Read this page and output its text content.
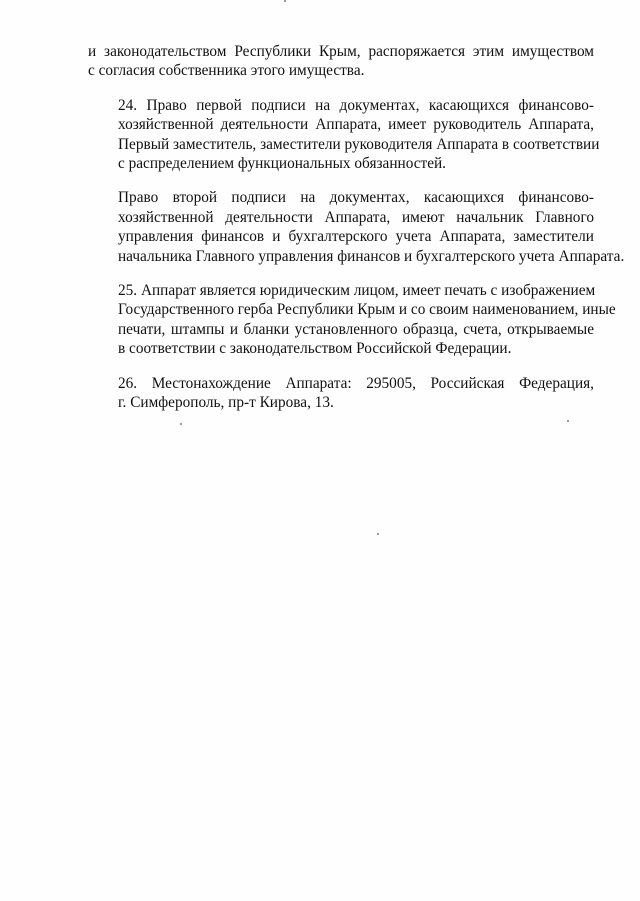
и законодательством Республики Крым, распоряжается этим имуществом
с согласия собственника этого имущества.
24. Право первой подписи на документах, касающихся финансово-
хозяйственной деятельности Аппарата, имеет руководитель Аппарата,
Первый заместитель, заместители руководителя Аппарата в соответствии
с распределением функциональных обязанностей.
Право второй подписи на документах, касающихся финансово-
хозяйственной деятельности Аппарата, имеют начальник Главного
управления финансов и бухгалтерского учета Аппарата, заместители
начальника Главного управления финансов и бухгалтерского учета Аппарата.
25. Аппарат является юридическим лицом, имеет печать с изображением
Государственного герба Республики Крым и со своим наименованием, иные
печати, штампы и бланки установленного образца, счета, открываемые
в соответствии с законодательством Российской Федерации.
26. Местонахождение Аппарата: 295005, Российская Федерация,
г. Симферополь, пр-т Кирова, 13.
